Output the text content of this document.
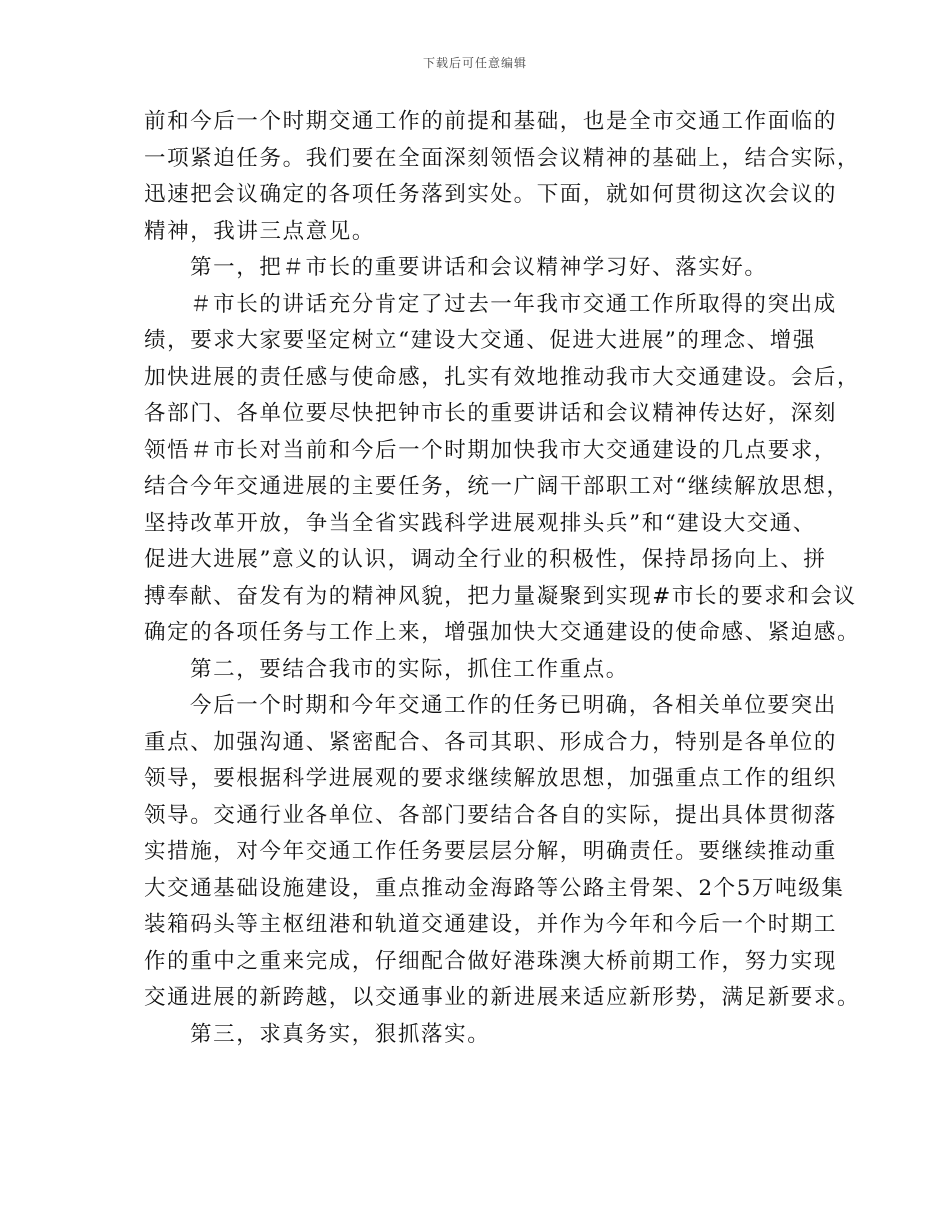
下载后可任意编辑
前和今后一个时期交通工作的前提和基础，也是全市交通工作面临的
一项紧迫任务。我们要在全面深刻领悟会议精神的基础上，结合实际，
迅速把会议确定的各项任务落到实处。下面，就如何贯彻这次会议的
精神，我讲三点意见。
第一，把＃市长的重要讲话和会议精神学习好、落实好。
＃市长的讲话充分肯定了过去一年我市交通工作所取得的突出成
绩，要求大家要坚定树立“建设大交通、促进大进展”的理念、增强
加快进展的责任感与使命感，扎实有效地推动我市大交通建设。会后，
各部门、各单位要尽快把钟市长的重要讲话和会议精神传达好，深刻
领悟＃市长对当前和今后一个时期加快我市大交通建设的几点要求，
结合今年交通进展的主要任务，统一广阔干部职工对“继续解放思想，
坚持改革开放，争当全省实践科学进展观排头兵”和“建设大交通、
促进大进展”意义的认识，调动全行业的积极性，保持昂扬向上、拼
搏奉献、奋发有为的精神风貌，把力量凝聚到实现#市长的要求和会议
确定的各项任务与工作上来，增强加快大交通建设的使命感、紧迫感。
第二，要结合我市的实际，抓住工作重点。
今后一个时期和今年交通工作的任务已明确，各相关单位要突出
重点、加强沟通、紧密配合、各司其职、形成合力，特别是各单位的
领导，要根据科学进展观的要求继续解放思想，加强重点工作的组织
领导。交通行业各单位、各部门要结合各自的实际，提出具体贯彻落
实措施，对今年交通工作任务要层层分解，明确责任。要继续推动重
大交通基础设施建设，重点推动金海路等公路主骨架、2个5万吨级集
装箱码头等主枢纽港和轨道交通建设，并作为今年和今后一个时期工
作的重中之重来完成，仔细配合做好港珠澳大桥前期工作，努力实现
交通进展的新跨越，以交通事业的新进展来适应新形势，满足新要求。
第三，求真务实，狠抓落实。
